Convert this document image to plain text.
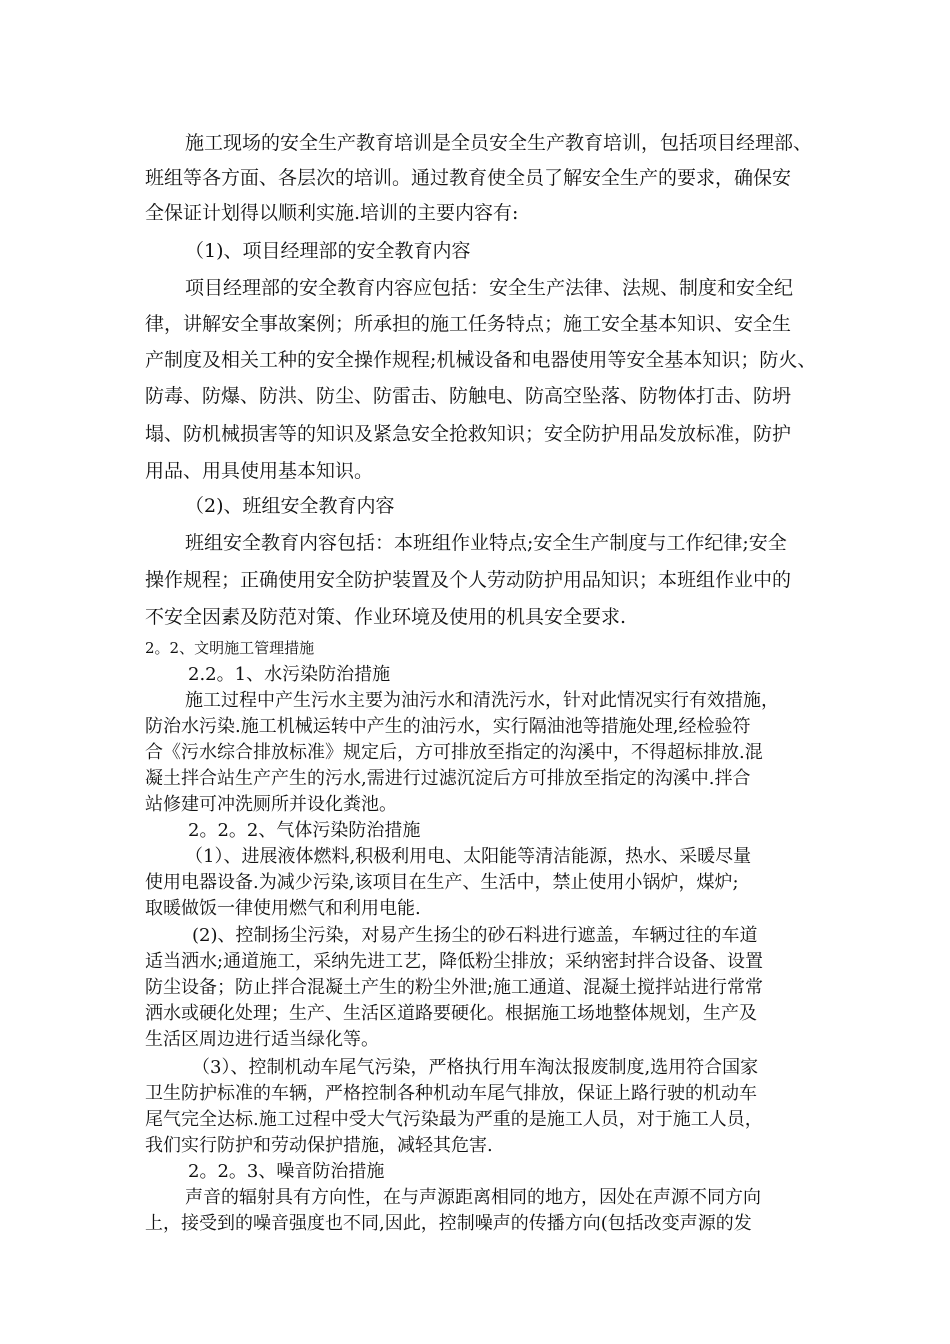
施工现场的安全生产教育培训是全员安全生产教育培训，包括项目经理部、
班组等各方面、各层次的培训。通过教育使全员了解安全生产的要求，确保安
全保证计划得以顺利实施.培训的主要内容有:
（1)、项目经理部的安全教育内容
项目经理部的安全教育内容应包括：安全生产法律、法规、制度和安全纪
律，讲解安全事故案例；所承担的施工任务特点；施工安全基本知识、安全生
产制度及相关工种的安全操作规程;机械设备和电器使用等安全基本知识；防火、
防毒、防爆、防洪、防尘、防雷击、防触电、防高空坠落、防物体打击、防坍
塌、防机械损害等的知识及紧急安全抢救知识；安全防护用品发放标准，防护
用品、用具使用基本知识。
（2)、班组安全教育内容
班组安全教育内容包括：本班组作业特点;安全生产制度与工作纪律;安全
操作规程；正确使用安全防护装置及个人劳动防护用品知识；本班组作业中的
不安全因素及防范对策、作业环境及使用的机具安全要求.
2。2、文明施工管理措施
2.2。1、水污染防治措施
施工过程中产生污水主要为油污水和清洗污水，针对此情况实行有效措施，
防治水污染.施工机械运转中产生的油污水，实行隔油池等措施处理,经检验符
合《污水综合排放标准》规定后，方可排放至指定的沟溪中，不得超标排放.混
凝土拌合站生产产生的污水,需进行过滤沉淀后方可排放至指定的沟溪中.拌合
站修建可冲洗厕所并设化粪池。
2。2。2、气体污染防治措施
（1）、进展液体燃料,积极利用电、太阳能等清洁能源，热水、采暖尽量
使用电器设备.为减少污染,该项目在生产、生活中，禁止使用小锅炉，煤炉;
取暖做饭一律使用燃气和利用电能.
(2)、控制扬尘污染，对易产生扬尘的砂石料进行遮盖，车辆过往的车道
适当洒水;通道施工，采纳先进工艺，降低粉尘排放；采纳密封拌合设备、设置
防尘设备；防止拌合混凝土产生的粉尘外泄;施工通道、混凝土搅拌站进行常常
洒水或硬化处理；生产、生活区道路要硬化。根据施工场地整体规划，生产及
生活区周边进行适当绿化等。
（3）、控制机动车尾气污染，严格执行用车淘汰报废制度,选用符合国家
卫生防护标准的车辆，严格控制各种机动车尾气排放，保证上路行驶的机动车
尾气完全达标.施工过程中受大气污染最为严重的是施工人员，对于施工人员，
我们实行防护和劳动保护措施，减轻其危害.
2。2。3、噪音防治措施
声音的辐射具有方向性，在与声源距离相同的地方，因处在声源不同方向
上，接受到的噪音强度也不同,因此，控制噪声的传播方向(包括改变声源的发
